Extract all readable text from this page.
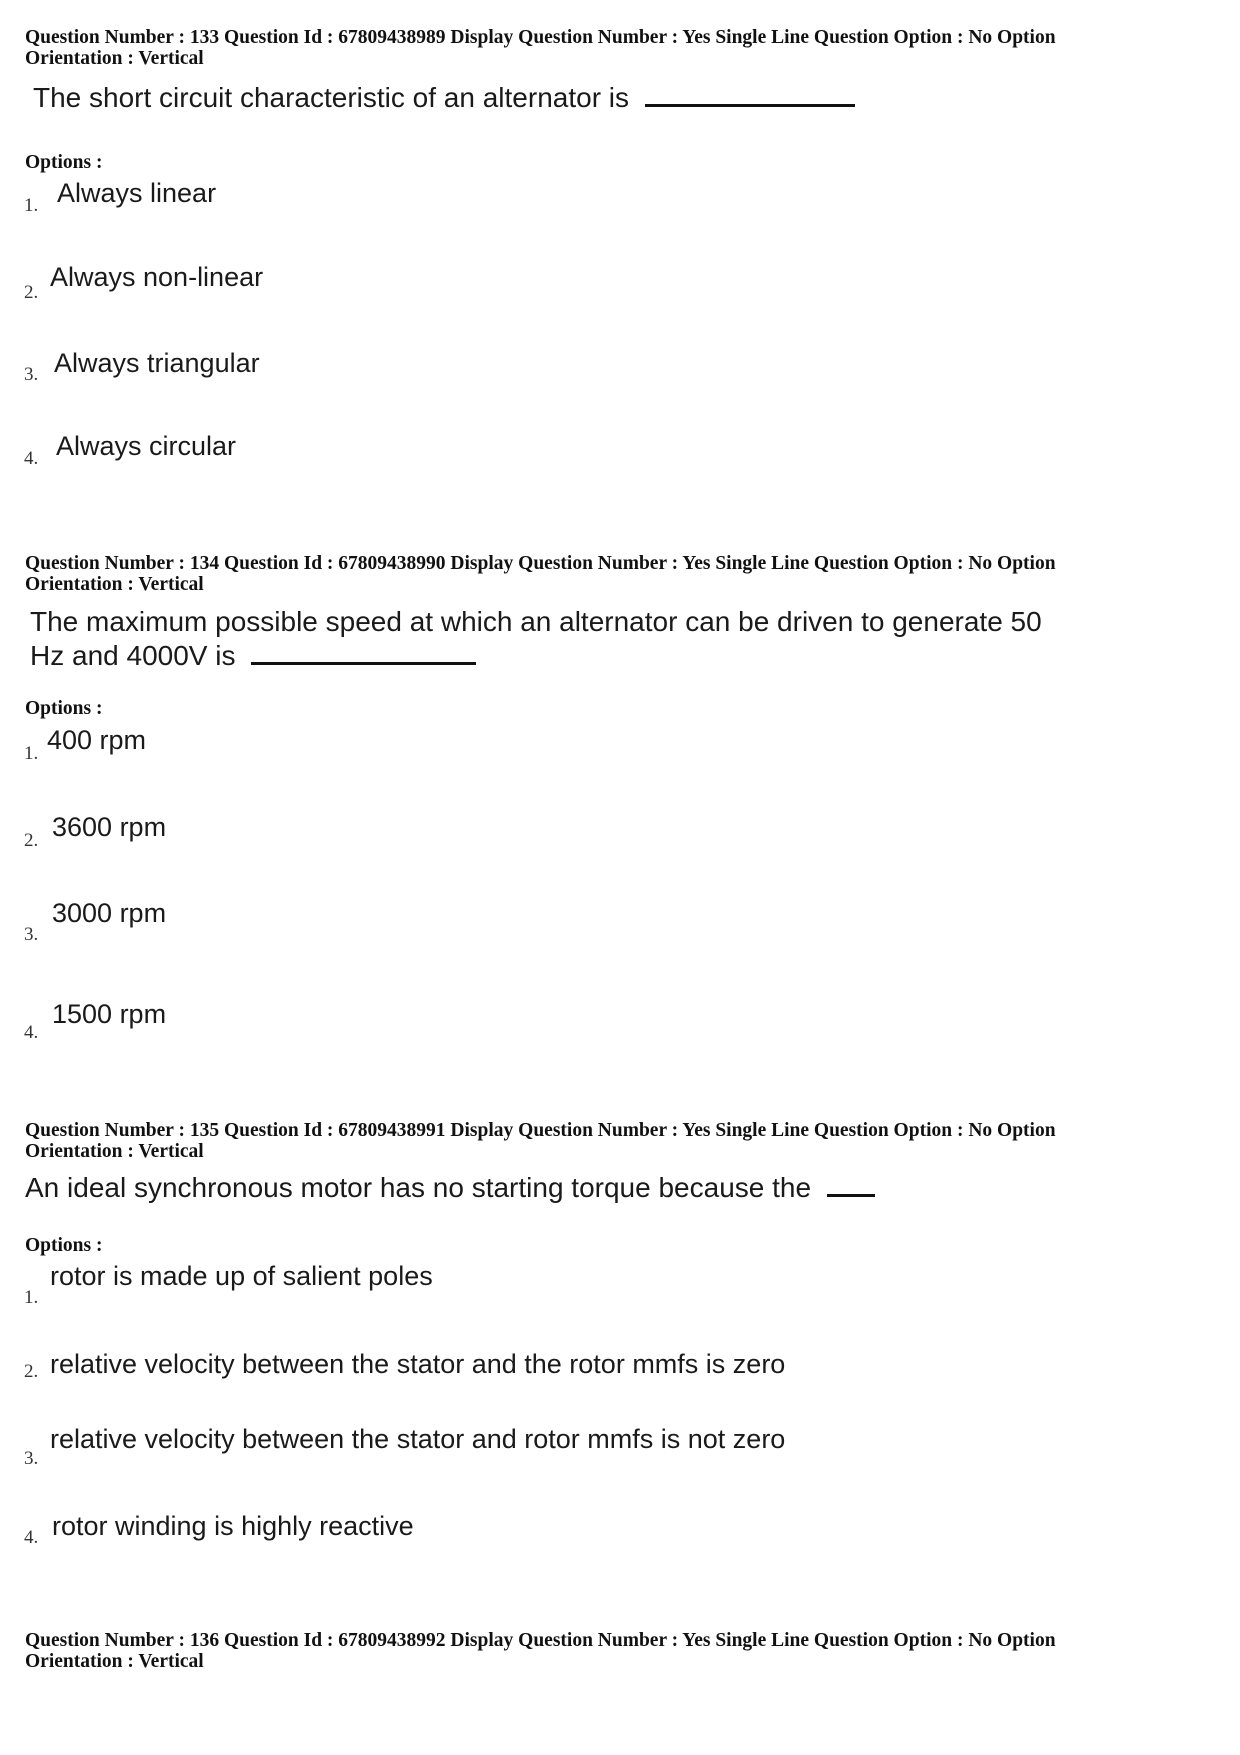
Question Number : 133 Question Id : 67809438989 Display Question Number : Yes Single Line Question Option : No Option
Orientation : Vertical
The short circuit characteristic of an alternator is
Options :
1. Always linear
2.
Always non-linear
3. Always triangular
4. Always circular
Question Number : 134 Question Id : 67809438990 Display Question Number : Yes Single Line Question Option : No Option
Orientation : Vertical
The maximum possible speed at which an alternator can be driven to generate 50
Hz and 4000V is
Options :
1. 400 rpm
2. 3600 rpm
3.
3000 rpm
4.
1500 rpm
Question Number : 135 Question Id : 67809438991 Display Question Number : Yes Single Line Question Option : No Option
Orientation : Vertical
An ideal synchronous motor has no starting torque because the
Options :
1.
rotor is made up of salient poles
2. relative velocity between the stator and the rotor mmfs is zero
3.
relative velocity between the stator and rotor mmfs is not zero
4. rotor winding is highly reactive
Question Number : 136 Question Id : 67809438992 Display Question Number : Yes Single Line Question Option : No Option
Orientation : Vertical
